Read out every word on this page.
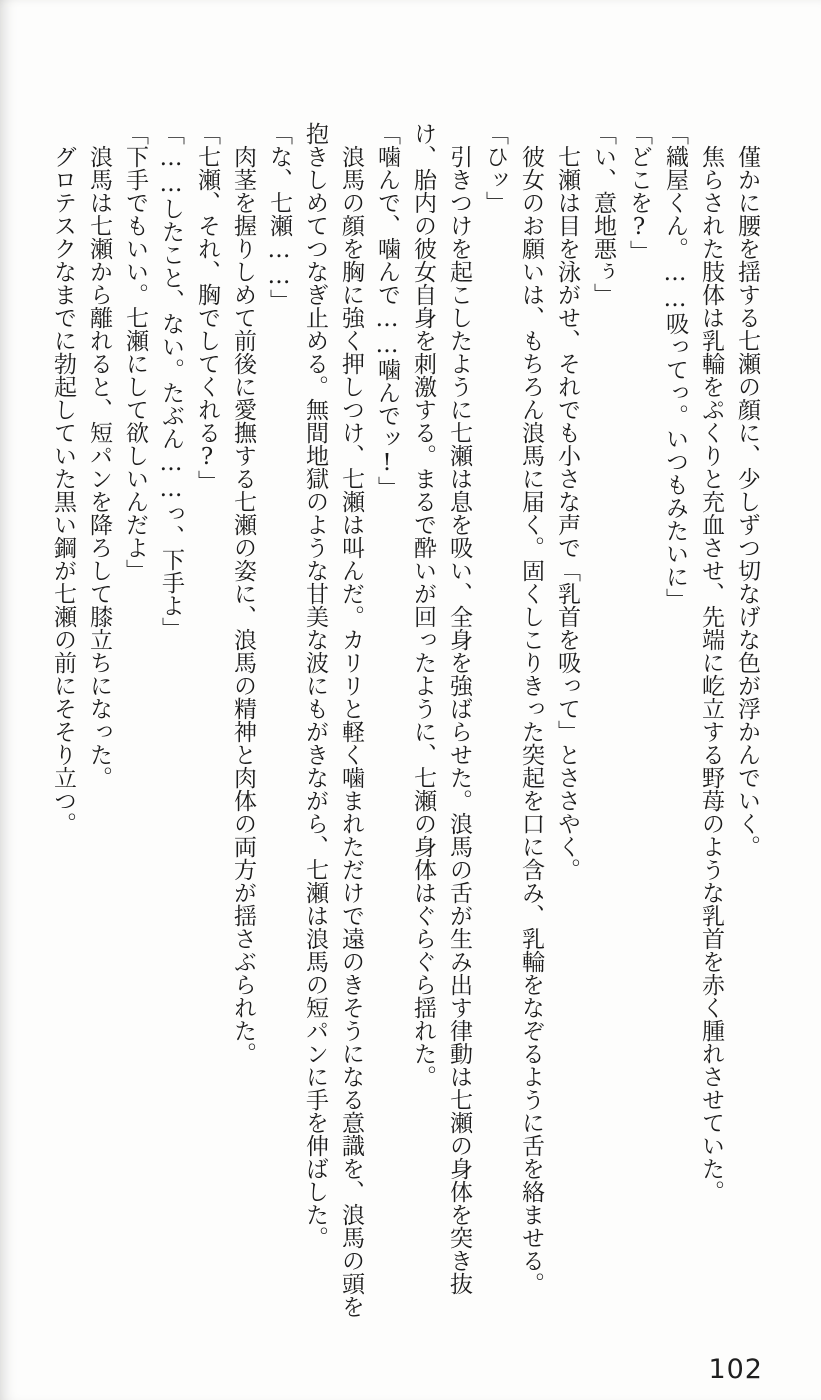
　僅かに腰を揺する七瀬の顔に、少しずつ切なげな色が浮かんでいく。

　焦らされた肢体は乳輪をぷくりと充血させ、先端に屹立する野苺のような乳首を赤く腫れさせていた。

「織屋くん。……吸ってっ。いつもみたいに」

「どこを?」

「い、意地悪ぅ」

　七瀬は目を泳がせ、それでも小さな声で「乳首を吸って」とささやく。

　彼女のお願いは、もちろん浪馬に届く。固くしこりきった突起を口に含み、乳輪をなぞるように舌を絡ませる。

「ひッ」

　引きつけを起こしたように七瀬は息を吸い、全身を強ばらせた。浪馬の舌が生み出す律動は七瀬の身体を突き抜け、胎内の彼女自身を刺激する。まるで酔いが回ったように、七瀬の身体はぐらぐら揺れた。

「噛んで、噛んで……噛んでッ!」

　浪馬の顔を胸に強く押しつけ、七瀬は叫んだ。カリリと軽く噛まれただけで遠のきそうになる意識を、浪馬の頭を抱きしめてつなぎ止める。無間地獄のような甘美な波にもがきながら、七瀬は浪馬の短パンに手を伸ばした。

「な、七瀬……」

　肉茎を握りしめて前後に愛撫する七瀬の姿に、浪馬の精神と肉体の両方が揺さぶられた。

「七瀬、それ、胸でしてくれる?」

「……したこと、ない。たぶん……っ、下手よ」

「下手でもいい。七瀬にして欲しいんだよ」

　浪馬は七瀬から離れると、短パンを降ろして膝立ちになった。

　グロテスクなまでに勃起していた黒い鋼が七瀬の前にそそり立つ。

102
